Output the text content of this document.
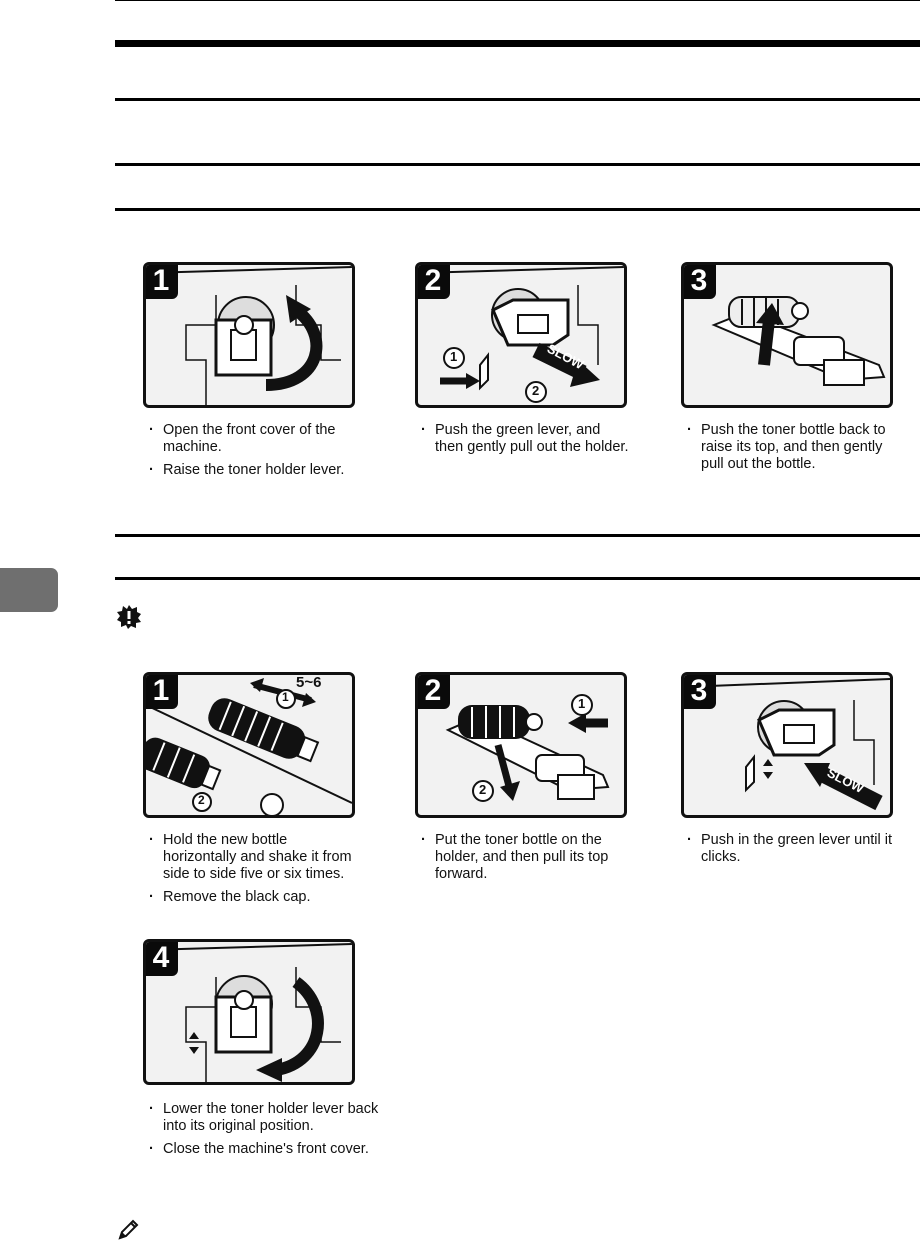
1
SLOW
1
2
2	3
· Open the front cover of the machine.
· Raise the toner holder lever.
· Push the green lever, and then gently pull out the holder.
· Push the toner bottle back to raise its top, and then gently pull out the bottle.
1
5~6
2
1	1
2
2
SLOW
3
· Hold the new bottle horizontally and shake it from side to side five or six times.
· Remove the black cap.
· Put the toner bottle on the holder, and then pull its top forward.
· Push in the green lever until it clicks.
4
· Lower the toner holder lever back into its original position.
· Close the machine's front cover.
